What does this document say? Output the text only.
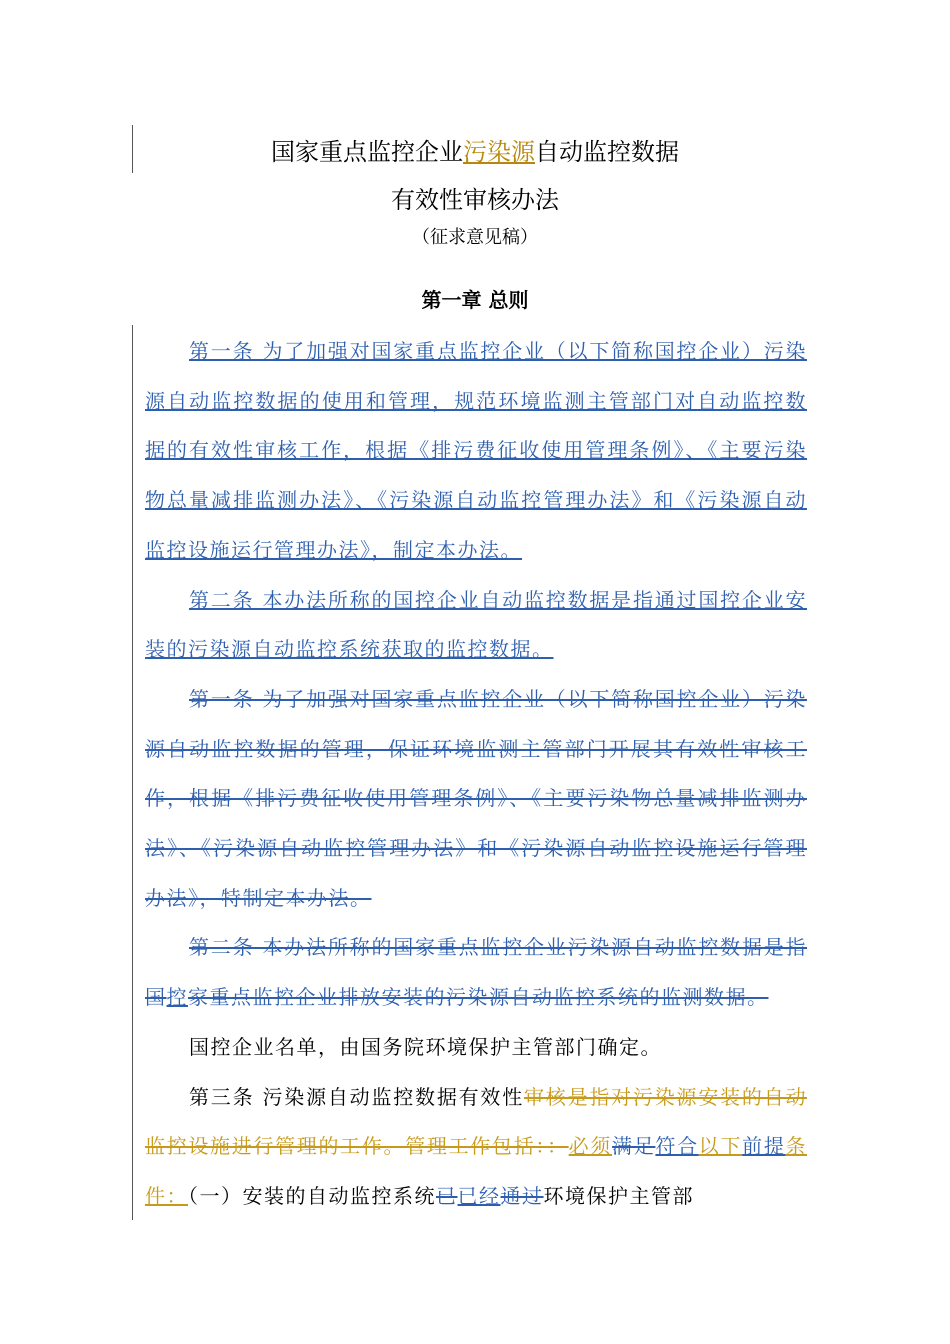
国家重点监控企业污染源自动监控数据
有效性审核办法
（征求意见稿）
第一章 总则

第一条 为了加强对国家重点监控企业（以下简称国控企业）污染源自动监控数据的使用和管理，规范环境监测主管部门对自动监控数据的有效性审核工作，根据《排污费征收使用管理条例》、《主要污染物总量减排监测办法》、《污染源自动监控管理办法》和《污染源自动监控设施运行管理办法》，制定本办法。

第二条 本办法所称的国控企业自动监控数据是指通过国控企业安装的污染源自动监控系统获取的监控数据。

第一条 为了加强对国家重点监控企业（以下简称国控企业）污染源自动监控数据的管理，保证环境监测主管部门开展其有效性审核工作，根据《排污费征收使用管理条例》、《主要污染物总量减排监测办法》、《污染源自动监控管理办法》和《污染源自动监控设施运行管理办法》，特制定本办法。

第二条 本办法所称的国家重点监控企业污染源自动监控数据是指国控家重点监控企业排放安装的污染源自动监控系统的监测数据。

国控企业名单，由国务院环境保护主管部门确定。

第三条 污染源自动监控数据有效性审核是指对污染源安装的自动监控设施进行管理的工作。管理工作包括：：必须满足符合以下前提条件：（一）安装的自动监控系统已已经通过环境保护主管部
